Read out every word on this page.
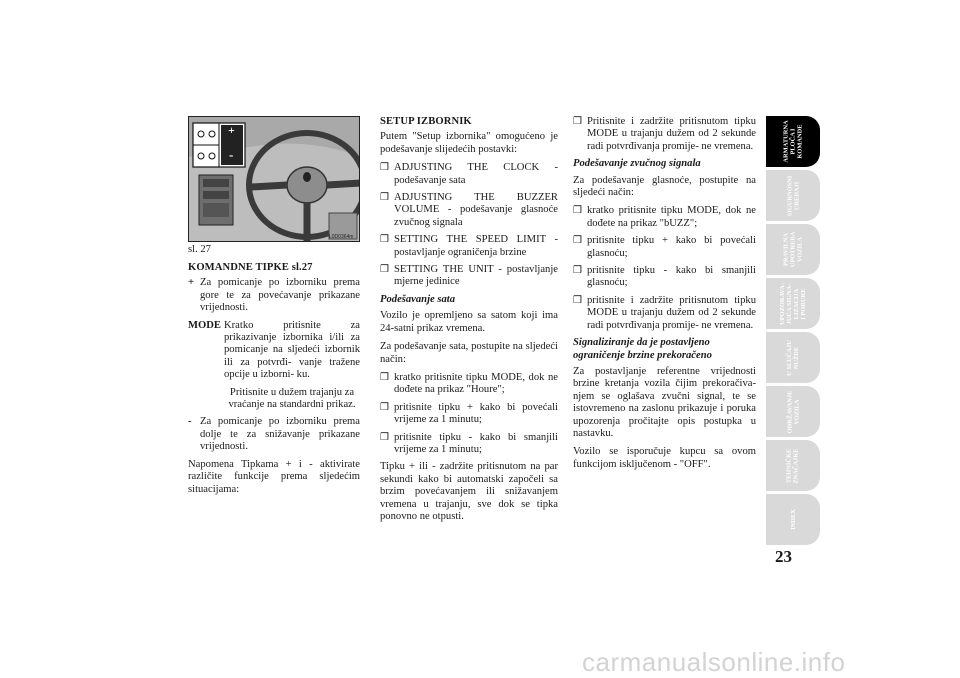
+
-
L0D0364m
sl. 27
KOMANDNE TIPKE sl.27
+ Za pomicanje po izborniku prema gore te za povećavanje prikazane vrijednosti.
MODE Kratko pritisnite za prikazivanje izbornika i/ili za pomicanje na sljedeći izbornik ili za potvrđi- vanje tražene opcije u izborni- ku.
Pritisnite u dužem trajanju za vraćanje na standardni prikaz.
- Za pomicanje po izborniku prema dolje te za snižavanje prikazane vrijednosti.
Napomena Tipkama + i - aktivirate različite funkcije prema sljedećim situacijama:
SETUP IZBORNIK
Putem "Setup izbornika" omogućeno je podešavanje slijedećih postavki:
❒ ADJUSTING THE CLOCK - podešavanje sata
❒ ADJUSTING THE BUZZER VOLUME - podešavanje glasnoće zvučnog signala
❒ SETTING THE SPEED LIMIT - postavljanje ograničenja brzine
❒ SETTING THE UNIT - postavljanje mjerne jedinice
Podešavanje sata
Vozilo je opremljeno sa satom koji ima 24-satni prikaz vremena.
Za podešavanje sata, postupite na sljedeći način:
❒ kratko pritisnite tipku MODE, dok ne dođete na prikaz "Houre";
❒ pritisnite tipku + kako bi povećali vrijeme za 1 minutu;
❒ pritisnite tipku - kako bi smanjili vrijeme za 1 minutu;
Tipku + ili - zadržite pritisnutom na par sekundi kako bi automatski započeli sa brzim povećavanjem ili snižavanjem vremena u trajanju, sve dok se tipka ponovno ne otpusti.
❒ Pritisnite i zadržite pritisnutom tipku MODE u trajanju dužem od 2 sekunde radi potvrđivanja promije- ne vremena.
Podešavanje zvučnog signala
Za podešavanje glasnoće, postupite na sljedeći način:
❒ kratko pritisnite tipku MODE, dok ne dođete na prikaz "bUZZ";
❒ pritisnite tipku + kako bi povećali glasnoću;
❒ pritisnite tipku - kako bi smanjili glasnoću;
❒ pritisnite i zadržite pritisnutom tipku MODE u trajanju dužem od 2 sekunde radi potvrđivanja promije- ne vremena.
Signaliziranje da je postavljeno ograničenje brzine prekoračeno
Za postavljanje referentne vrijednosti brzine kretanja vozila čijim prekoračiva- njem se oglašava zvučni signal, te se istovremeno na zaslonu prikazuje i poruka upozorenja pročitajte opis postupka u nastavku.
Vozilo se isporučuje kupcu sa ovom funkcijom isključenom - "OFF".
ARMATURNA
PLOČA I
KOMANDE
SIGURNOSNI
UREĐAJI
PRAVILNA
UPOTREBA
VOZILA
UPOZORAVA-
JUĆA SIGNA-
LIZACIJA
I PORUKE
U SLUČAJU
NUŽDE
ODRŽAVANJE
VOZILA
TEHNIČKE
ZNAČAJKE
23
carmanualsonline.info
INDEX
